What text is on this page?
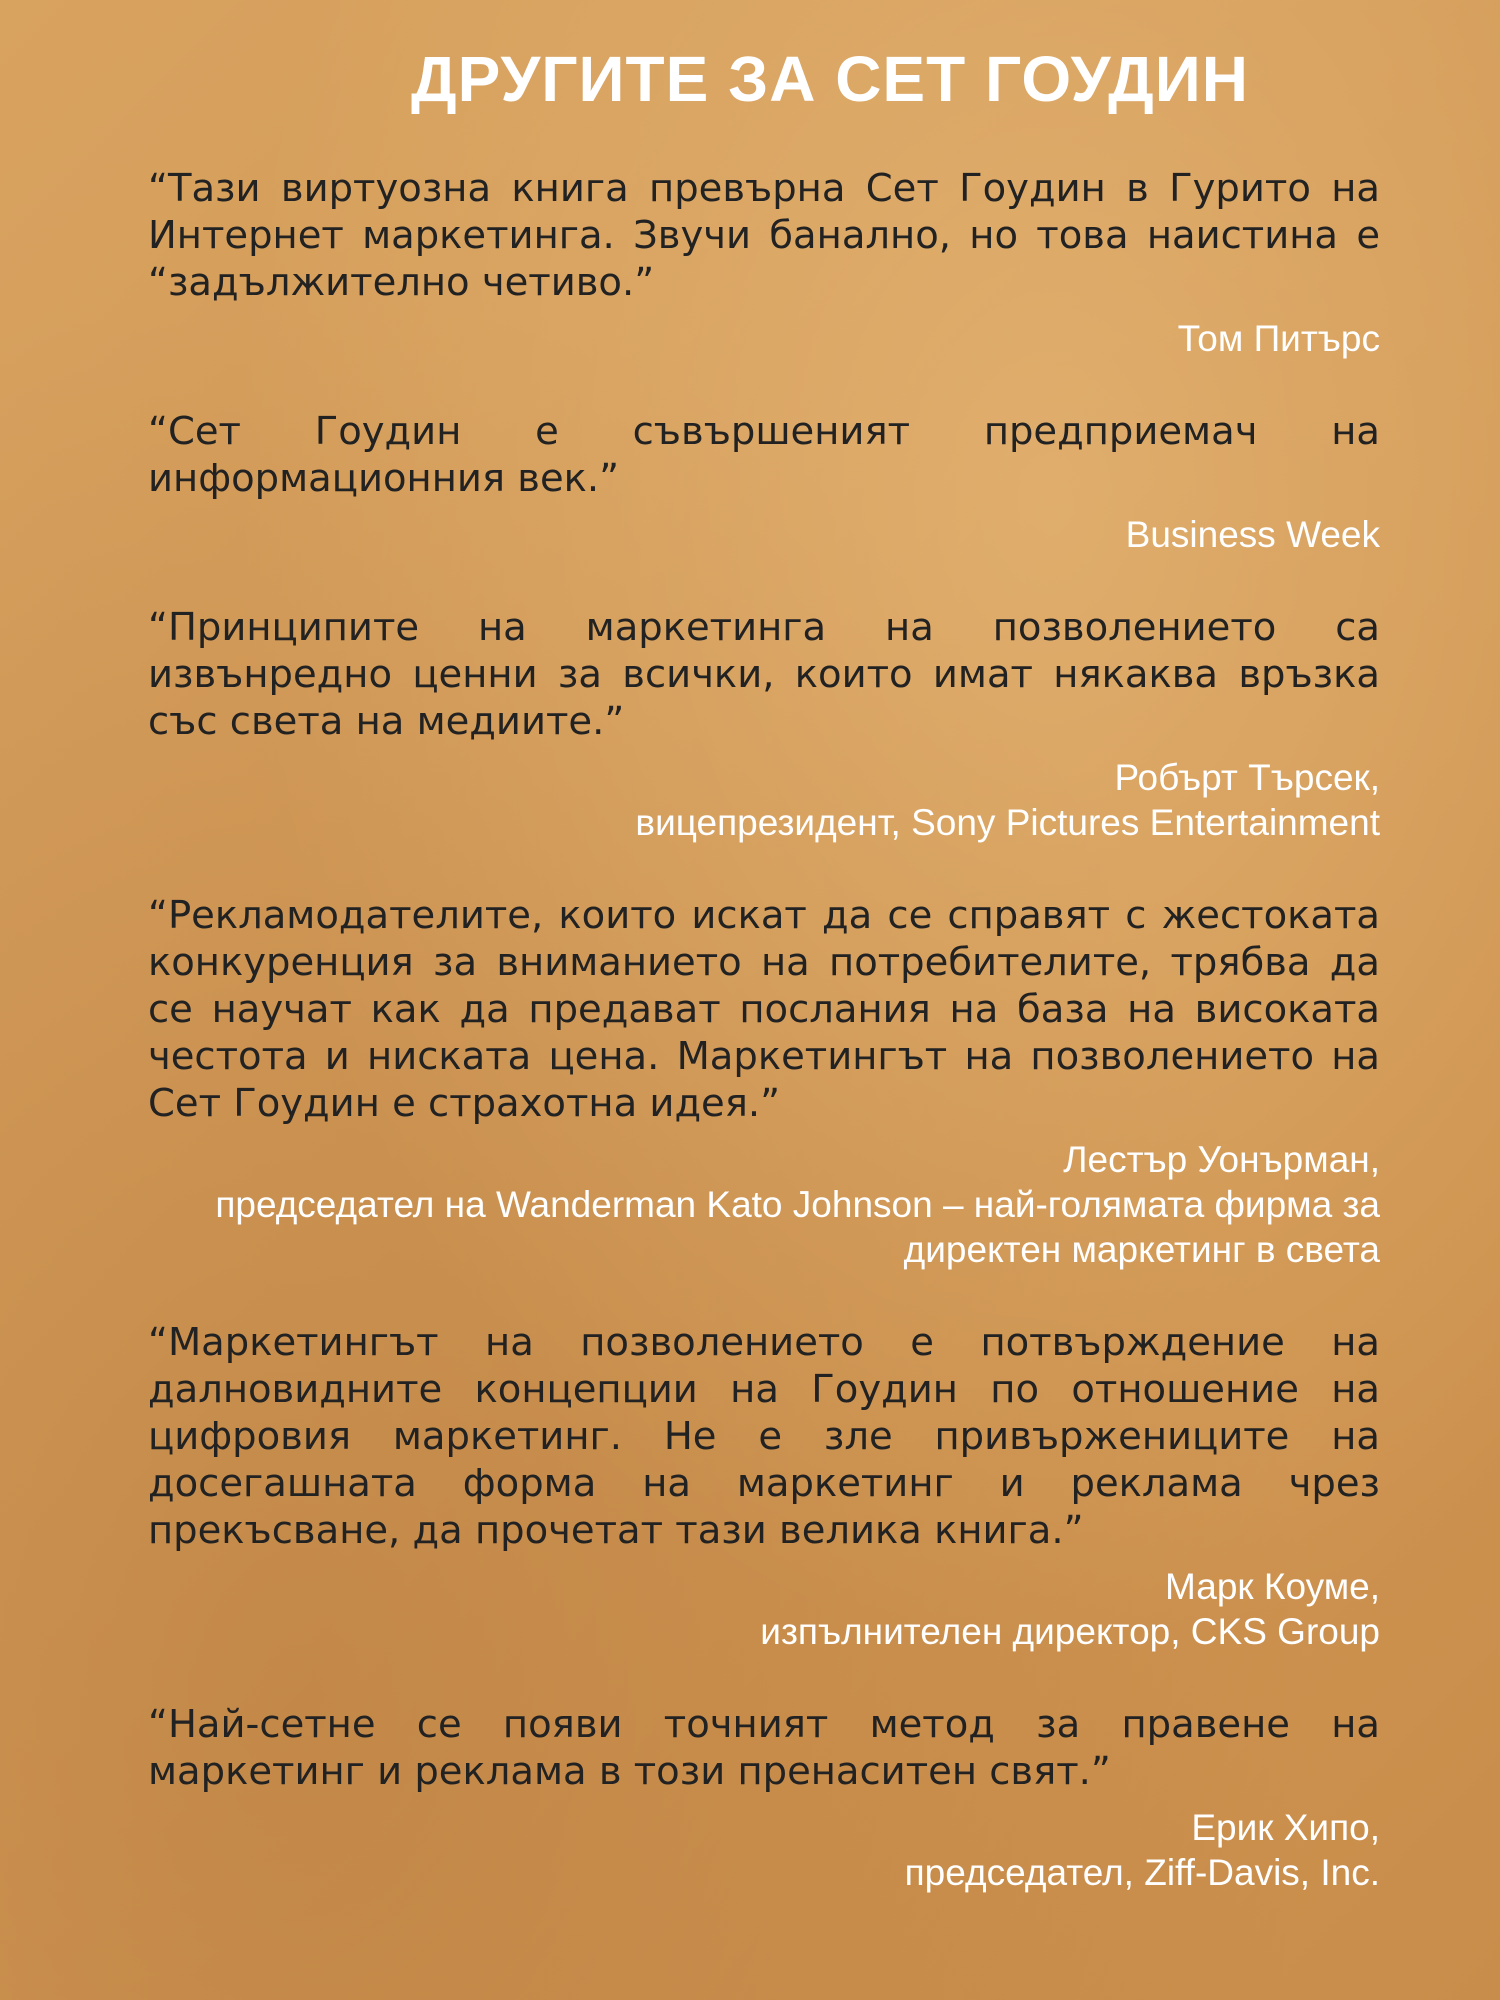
ДРУГИТЕ ЗА СЕТ ГОУДИН

“Тази виртуозна книга превърна Сет Гоудин в Гурито на Интернет маркетинга. Звучи банално, но това наистина е “задължително четиво.”

Том Питърс

“Сет Гоудин е съвършеният предприемач на информационния век.”

Business Week

“Принципите на маркетинга на позволението са извънредно ценни за всички, които имат някаква връзка със света на медиите.”

Робърт Търсек,
вицепрезидент, Sony Pictures Entertainment

“Рекламодателите, които искат да се справят с жестоката конкуренция за вниманието на потребителите, трябва да се научат как да предават послания на база на високата честота и ниската цена. Маркетингът на позволението на Сет Гоудин е страхотна идея.”

Лестър Уонърман,
председател на Wanderman Kato Johnson – най-голямата фирма за директен маркетинг в света

“Маркетингът на позволението е потвърждение на далновидните концепции на Гоудин по отношение на цифровия маркетинг. Не е зле привържениците на досегашната форма на маркетинг и реклама чрез прекъсване, да прочетат тази велика книга.”

Марк Коуме,
изпълнителен директор, CKS Group

“Най-сетне се появи точният метод за правене на маркетинг и реклама в този пренаситен свят.”

Ерик Хипо,
председател, Ziff-Davis, Inc.
